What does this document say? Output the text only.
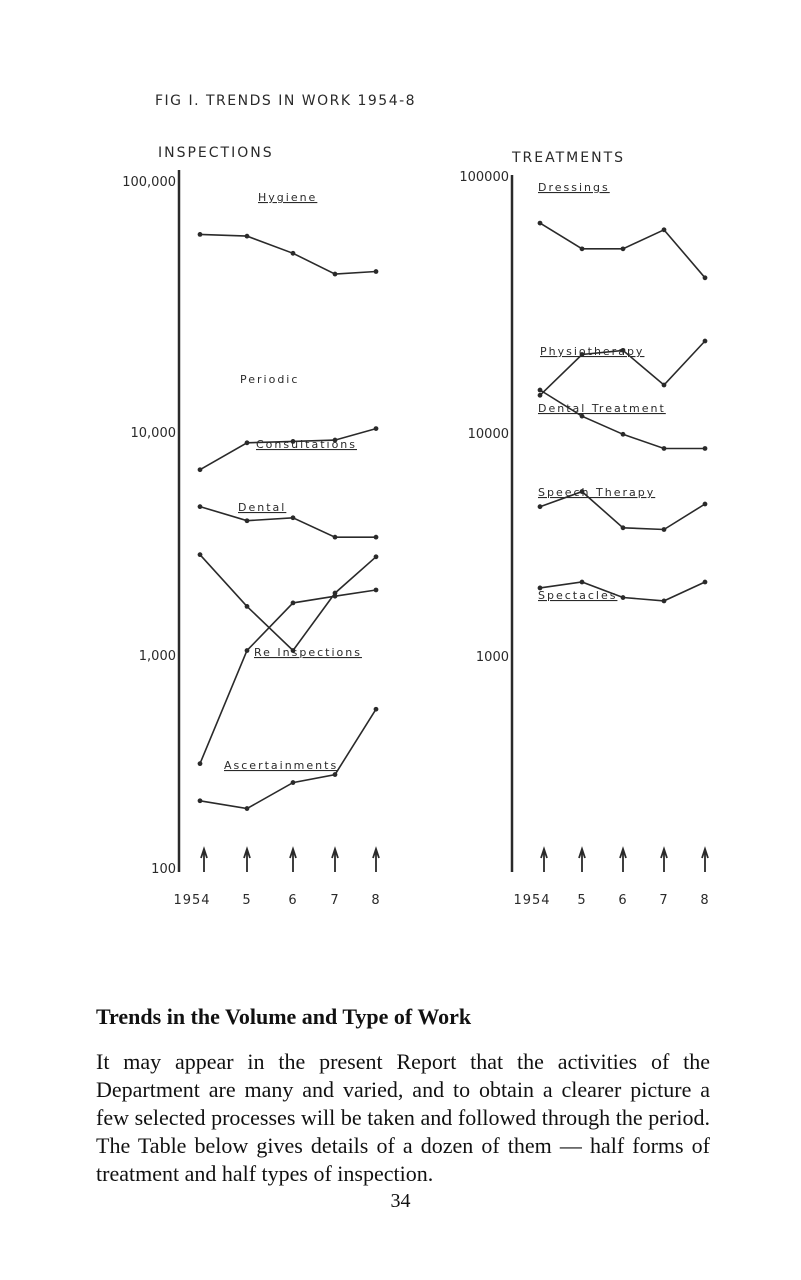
FIG I. TRENDS IN WORK 1954-8
INSPECTIONS	TREATMENTS
100,000
10,000
1,000
100
100000
10000
1000
1954 5	6	7 8	1954 5 6 7 8
Hygiene
Periodic
Consultations
Dental
Re Inspections
Ascertainments
Dressings
Physiotherapy
Dental Treatment
Speech Therapy
Spectacles
Trends in the Volume and Type of Work

It may appear in the present Report that the activities of the Department are many and varied, and to obtain a clearer picture a few selected processes will be taken and followed through the period. The Table below gives details of a dozen of them — half forms of treatment and half types of inspection.

34
